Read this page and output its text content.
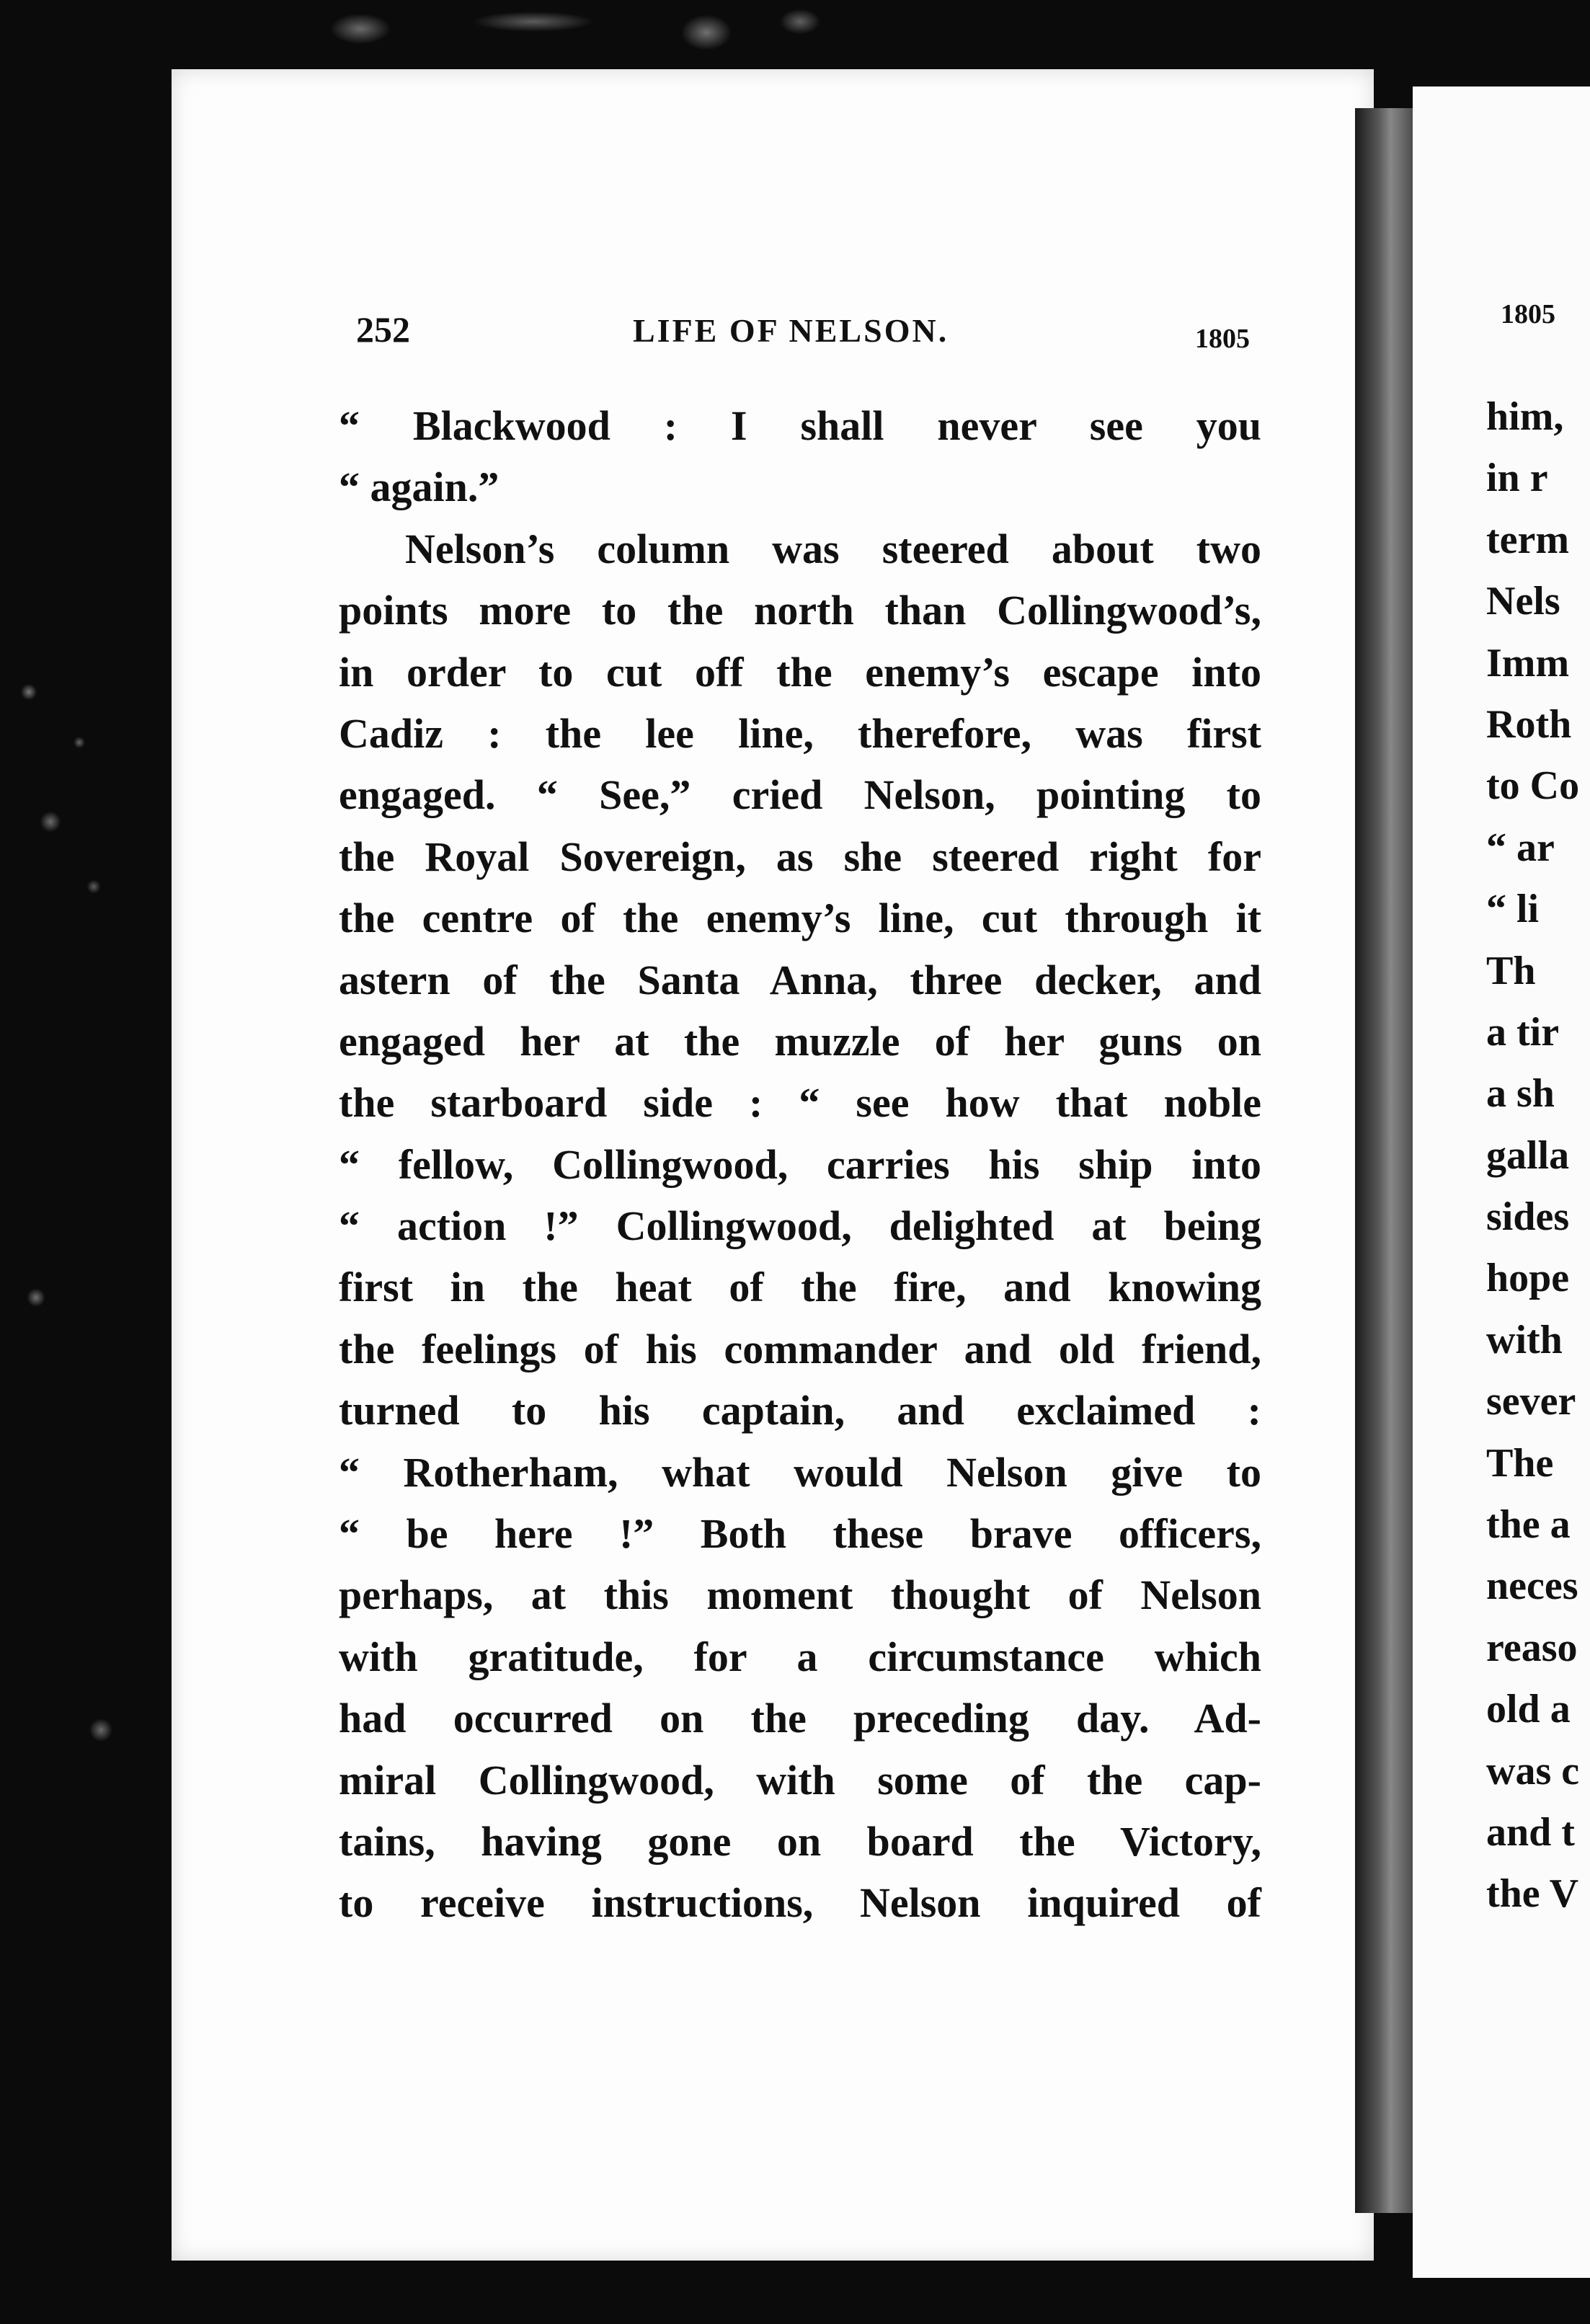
252	LIFE OF NELSON.	1805
“ Blackwood : I shall never see you
“ again.”
Nelson’s column was steered about two
points more to the north than Collingwood’s,
in order to cut off the enemy’s escape into
Cadiz : the lee line, therefore, was first
engaged. “ See,” cried Nelson, pointing to
the Royal Sovereign, as she steered right for
the centre of the enemy’s line, cut through it
astern of the Santa Anna, three decker, and
engaged her at the muzzle of her guns on
the starboard side : “ see how that noble
“ fellow, Collingwood, carries his ship into
“ action !” Collingwood, delighted at being
first in the heat of the fire, and knowing
the feelings of his commander and old friend,
turned to his captain, and exclaimed :
“ Rotherham, what would Nelson give to
“ be here !” Both these brave officers,
perhaps, at this moment thought of Nelson
with gratitude, for a circumstance which
had occurred on the preceding day. Ad-
miral Collingwood, with some of the cap-
tains, having gone on board the Victory,
to receive instructions, Nelson inquired of
1805
him,
in r
term
Nels
Imm
Roth
to Co
“ ar
“ li
Th
a tir
a sh
galla
sides
hope
with
sever
The
the a
neces
reaso
old a
was c
and t
the V
